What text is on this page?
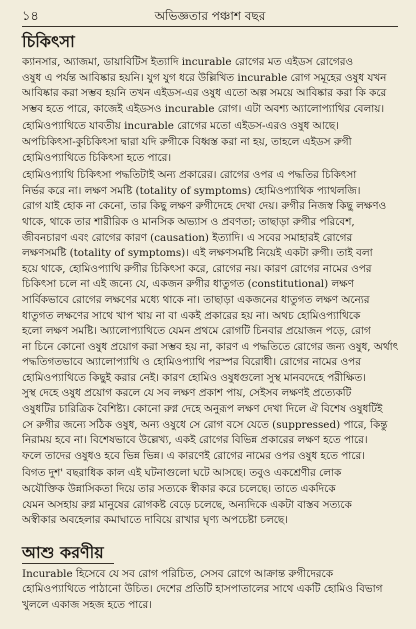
১৪	অভিজ্ঞতার পঞ্চাশ বছর
চিকিৎসা
ক্যানসার, অ্যাজমা, ডায়াবিটিস ইত্যাদি incurable রোগের মত এইডস রোগেরও
ওষুধ এ পর্যন্ত আবিষ্কার হয়নি। যুগ যুগ ধরে উল্লিখিত incurable রোগ সমূহের ওষুধ যখন
আবিষ্কার করা সম্ভব হয়নি তখন এইডস-এর ওষুধ এতো অল্প সময়ে আবিষ্কার করা কি করে
সম্ভব হতে পারে, কাজেই এইডসও incurable রোগ। এটা অবশ্য অ্যালোপ্যাথির বেলায়।
হোমিওপ্যাথিতে যাবতীয় incurable রোগের মতো এইডস-এরও ওষুধ আছে।
অপচিকিৎসা-কুচিকিৎসা দ্বারা যদি রুগীকে বিধ্বস্ত করা না হয়, তাহলে এইডস রুগী
হোমিওপ্যাথিতে চিকিৎসা হতে পারে।
হোমিওপ্যাথি চিকিৎসা পদ্ধতিটাই অন্য প্রকারের। রোগের ওপর এ পদ্ধতির চিকিৎসা
নির্ভর করে না। লক্ষণ সমষ্টি (totality of symptoms) হোমিওপ্যাথিক প্যাথলজি।
রোগ যাই হোক না কেনো, তার কিছু লক্ষণ রুগীদেহে দেখা দেয়। রুগীর নিজস্ব কিছু লক্ষণও
থাকে, থাকে তার শারীরিক ও মানসিক অভ্যাস ও প্রবণতা; তাছাড়া রুগীর পরিবেশ,
জীবনচারণ এবং রোগের কারণ (causation) ইত্যাদি। এ সবের সমাহারই রোগের
লক্ষণসমষ্টি (totality of symptoms)। এই লক্ষণসমষ্টি নিয়েই একটা রুগী। তাই বলা
হয়ে থাকে, হোমিওপ্যাথি রুগীর চিকিৎসা করে, রোগের নয়। কারণ রোগের নামের ওপর
চিকিৎসা চলে না এই জন্যে যে, একজন রুগীর ধাতুগত (constitutional) লক্ষণ
সার্বিকভাবে রোগের লক্ষণের মধ্যে থাকে না। তাছাড়া একজনের ধাতুগত লক্ষণ অন্যের
ধাতুগত লক্ষণের সাথে খাপ খায় না বা একই প্রকারের হয় না। অথচ হোমিওপ্যাথিকে
হলো লক্ষণ সমষ্টি। অ্যালোপ্যাথিতে যেমন প্রথমে রোগটি চিনবার প্রয়োজন পড়ে, রোগ
না চিনে কোনো ওষুধ প্রয়োগ করা সম্ভব হয় না, কারণ এ পদ্ধতিতে রোগের জন্য ওষুধ, অর্থাৎ
পদ্ধতিগতভাবে অ্যালোপ্যাথি ও হোমিওপ্যাথি পরস্পর বিরোধী। রোগের নামের ওপর
হোমিওপ্যাথিতে কিছুই করার নেই। কারণ হোমিও ওষুধগুলো সুস্থ মানবদেহে পরীক্ষিত।
সুস্থ দেহে ওষুধ প্রয়োগ করলে যে সব লক্ষণ প্রকাশ পায়, সেইসব লক্ষণই প্রত্যেকটি
ওষুধটির চারিত্রিক বৈশিষ্ট্য। কোনো রুগ্ন দেহে অনুরূপ লক্ষণ দেখা দিলে ঐ বিশেষ ওষুধটিই
সে রুগীর জন্যে সঠিক ওষুধ, অন্য ওষুধে সে রোগ বসে যেতে (suppressed) পারে, কিন্তু
নিরাময় হবে না। বিশেষভাবে উল্লেখ্য, একই রোগের বিভিন্ন প্রকারের লক্ষণ হতে পারে।
ফলে তাদের ওষুধও হবে ভিন্ন ভিন্ন। এ কারণেই রোগের নামের ওপর ওষুধ হতে পারে।
বিগত দুশ' বছরাধিক কাল এই ঘটনাগুলো ঘটে আসছে। তবুও একশ্রেণীর লোক
অযৌক্তিক উন্নাসিকতা দিয়ে তার সত্যকে স্বীকার করে চলেছে। তাতে একদিকে
যেমন অসহায় রুগ্ন মানুষের রোগকষ্ট বেড়ে চলেছে, অন্যদিকে একটা বাস্তব সত্যকে
অস্বীকার অবহেলার কমাঘাতে দাবিয়ে রাখার ঘৃণ্য অপচেষ্টা চলছে।
আশু করণীয়
Incurable হিসেবে যে সব রোগ পরিচিত, সেসব রোগে আক্রান্ত রুগীদেরকে
হোমিওপ্যাথিতে পাঠানো উচিত। দেশের প্রতিটি হাসপাতালের সাথে একটি হোমিও বিভাগ
খুললে একাজ সহজ হতে পারে।
